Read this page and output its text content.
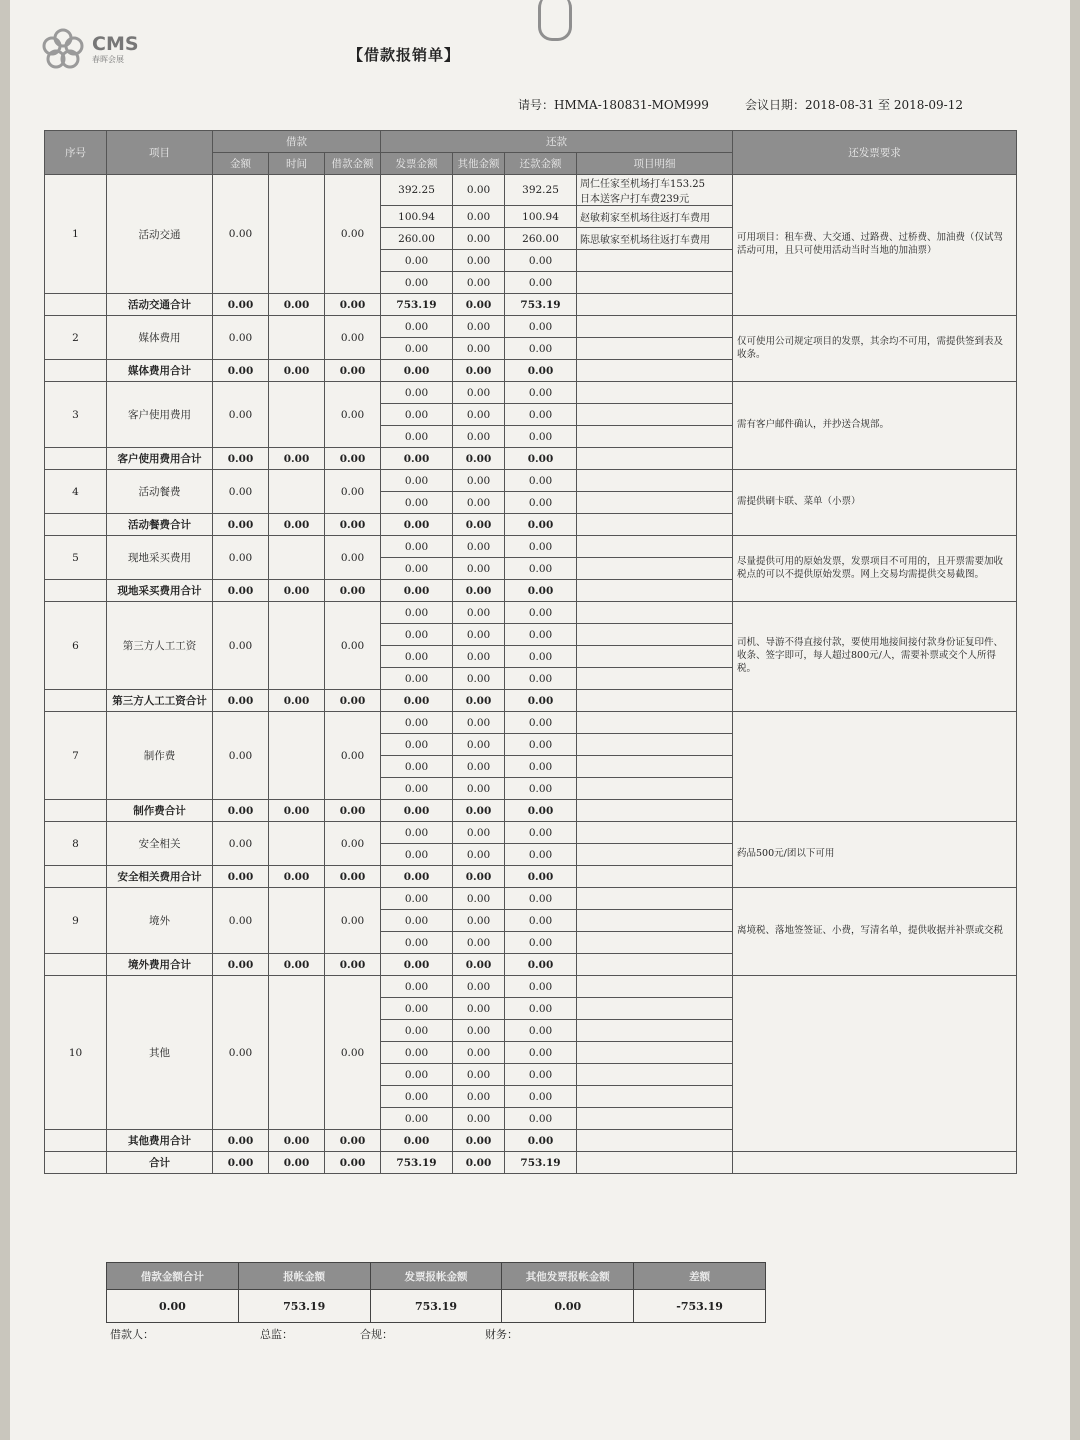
CMS
春晖会展	【借款报销单】
请号：HMMA-180831-MOM999	会议日期：2018-08-31 至 2018-09-12
序号	项目	借款			还款				还发票要求
		金额	时间	借款金额	发票金额	其他金额	还款金额	项目明细	
1	活动交通	0.00		0.00	392.25	0.00	392.25	周仁任家至机场打车153.25
日本送客户打车费239元	可用项目：租车费、大交通、过路费、过桥费、加油费（仅试驾活动可用，且只可使用活动当时当地的加油票）
					100.94	0.00	100.94	赵敏莉家至机场往返打车费用	
					260.00	0.00	260.00	陈思敏家至机场往返打车费用	
					0.00	0.00	0.00		
					0.00	0.00	0.00		
	活动交通合计	0.00	0.00	0.00	753.19	0.00	753.19		
2	媒体费用	0.00		0.00	0.00	0.00	0.00		仅可使用公司规定项目的发票，其余均不可用，需提供签到表及收条。
					0.00	0.00	0.00		
	媒体费用合计	0.00	0.00	0.00	0.00	0.00	0.00		
3	客户使用费用	0.00		0.00	0.00	0.00	0.00		需有客户邮件确认，并抄送合规部。
					0.00	0.00	0.00		
					0.00	0.00	0.00		
	客户使用费用合计	0.00	0.00	0.00	0.00	0.00	0.00		
4	活动餐费	0.00		0.00	0.00	0.00	0.00		需提供刷卡联、菜单（小票）
					0.00	0.00	0.00		
	活动餐费合计	0.00	0.00	0.00	0.00	0.00	0.00		
5	现地采买费用	0.00		0.00	0.00	0.00	0.00		尽量提供可用的原始发票，发票项目不可用的，且开票需要加收税点的可以不提供原始发票。网上交易均需提供交易截图。
					0.00	0.00	0.00		
	现地采买费用合计	0.00	0.00	0.00	0.00	0.00	0.00		
6	第三方人工工资	0.00		0.00	0.00	0.00	0.00		司机、导游不得直接付款，要使用地接间接付款身份证复印件、收条、签字即可，每人超过800元/人，需要补票或交个人所得税。
					0.00	0.00	0.00		
					0.00	0.00	0.00		
					0.00	0.00	0.00		
	第三方人工工资合计	0.00	0.00	0.00	0.00	0.00	0.00		
7	制作费	0.00		0.00	0.00	0.00	0.00		
					0.00	0.00	0.00		
					0.00	0.00	0.00		
					0.00	0.00	0.00		
	制作费合计	0.00	0.00	0.00	0.00	0.00	0.00		
8	安全相关	0.00		0.00	0.00	0.00	0.00		药品500元/团以下可用
					0.00	0.00	0.00		
	安全相关费用合计	0.00	0.00	0.00	0.00	0.00	0.00		
9	境外	0.00		0.00	0.00	0.00	0.00		离境税、落地签签证、小费，写清名单，提供收据并补票或交税
					0.00	0.00	0.00		
					0.00	0.00	0.00		
	境外费用合计	0.00	0.00	0.00	0.00	0.00	0.00		
10	其他	0.00		0.00	0.00	0.00	0.00		
					0.00	0.00	0.00		
					0.00	0.00	0.00		
					0.00	0.00	0.00		
					0.00	0.00	0.00		
					0.00	0.00	0.00		
					0.00	0.00	0.00		
	其他费用合计	0.00	0.00	0.00	0.00	0.00	0.00		
	合计	0.00	0.00	0.00	753.19	0.00	753.19		
借款金额合计	报帐金额	发票报帐金额	其他发票报帐金额	差额
0.00	753.19	753.19	0.00	-753.19
借款人：	总监：	合规：	财务：
